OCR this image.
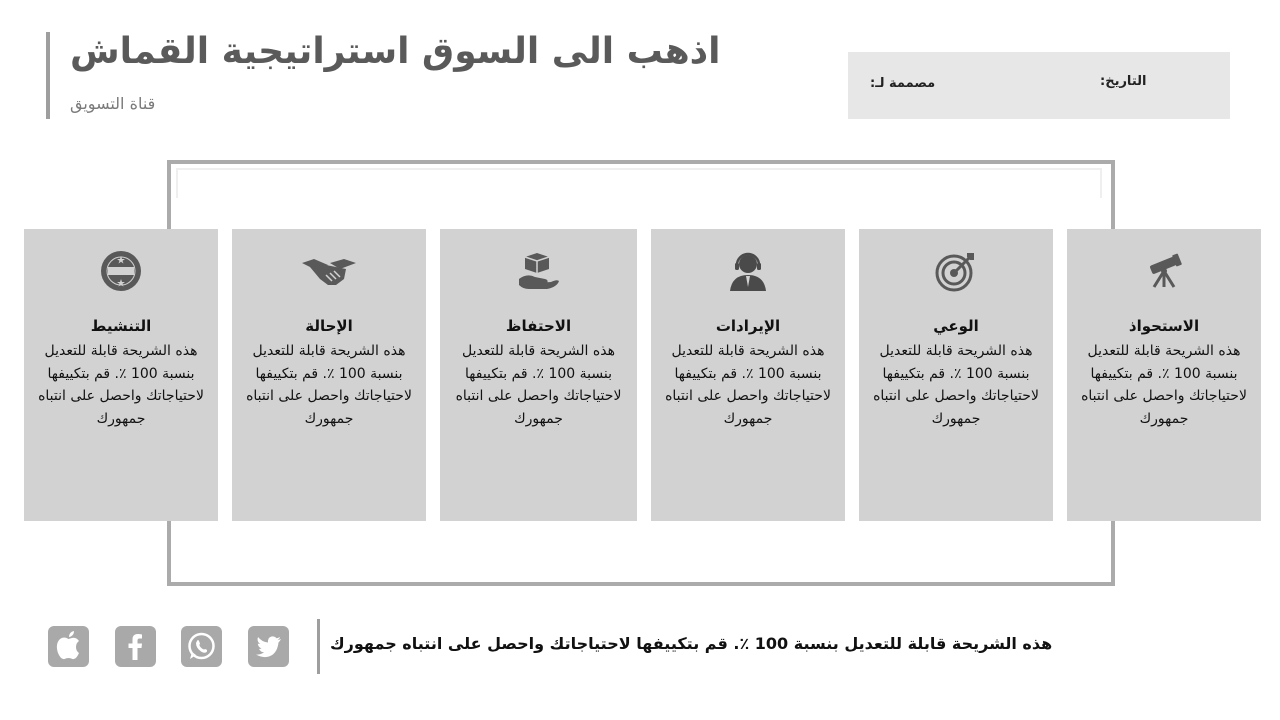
اذهب الى السوق استراتيجية القماش

قناة التسويق

التاريخ:
مصممة لـ:
الاستحواذ
هذه الشريحة قابلة للتعديل بنسبة 100 ٪. قم بتكييفها لاحتياجاتك واحصل على انتباه جمهورك
الوعي
هذه الشريحة قابلة للتعديل بنسبة 100 ٪. قم بتكييفها لاحتياجاتك واحصل على انتباه جمهورك
الإيرادات
هذه الشريحة قابلة للتعديل بنسبة 100 ٪. قم بتكييفها لاحتياجاتك واحصل على انتباه جمهورك
الاحتفاظ
هذه الشريحة قابلة للتعديل بنسبة 100 ٪. قم بتكييفها لاحتياجاتك واحصل على انتباه جمهورك
الإحالة
هذه الشريحة قابلة للتعديل بنسبة 100 ٪. قم بتكييفها لاحتياجاتك واحصل على انتباه جمهورك
التنشيط
هذه الشريحة قابلة للتعديل بنسبة 100 ٪. قم بتكييفها لاحتياجاتك واحصل على انتباه جمهورك

هذه الشريحة قابلة للتعديل بنسبة 100 ٪. قم بتكييفها لاحتياجاتك واحصل على انتباه جمهورك
